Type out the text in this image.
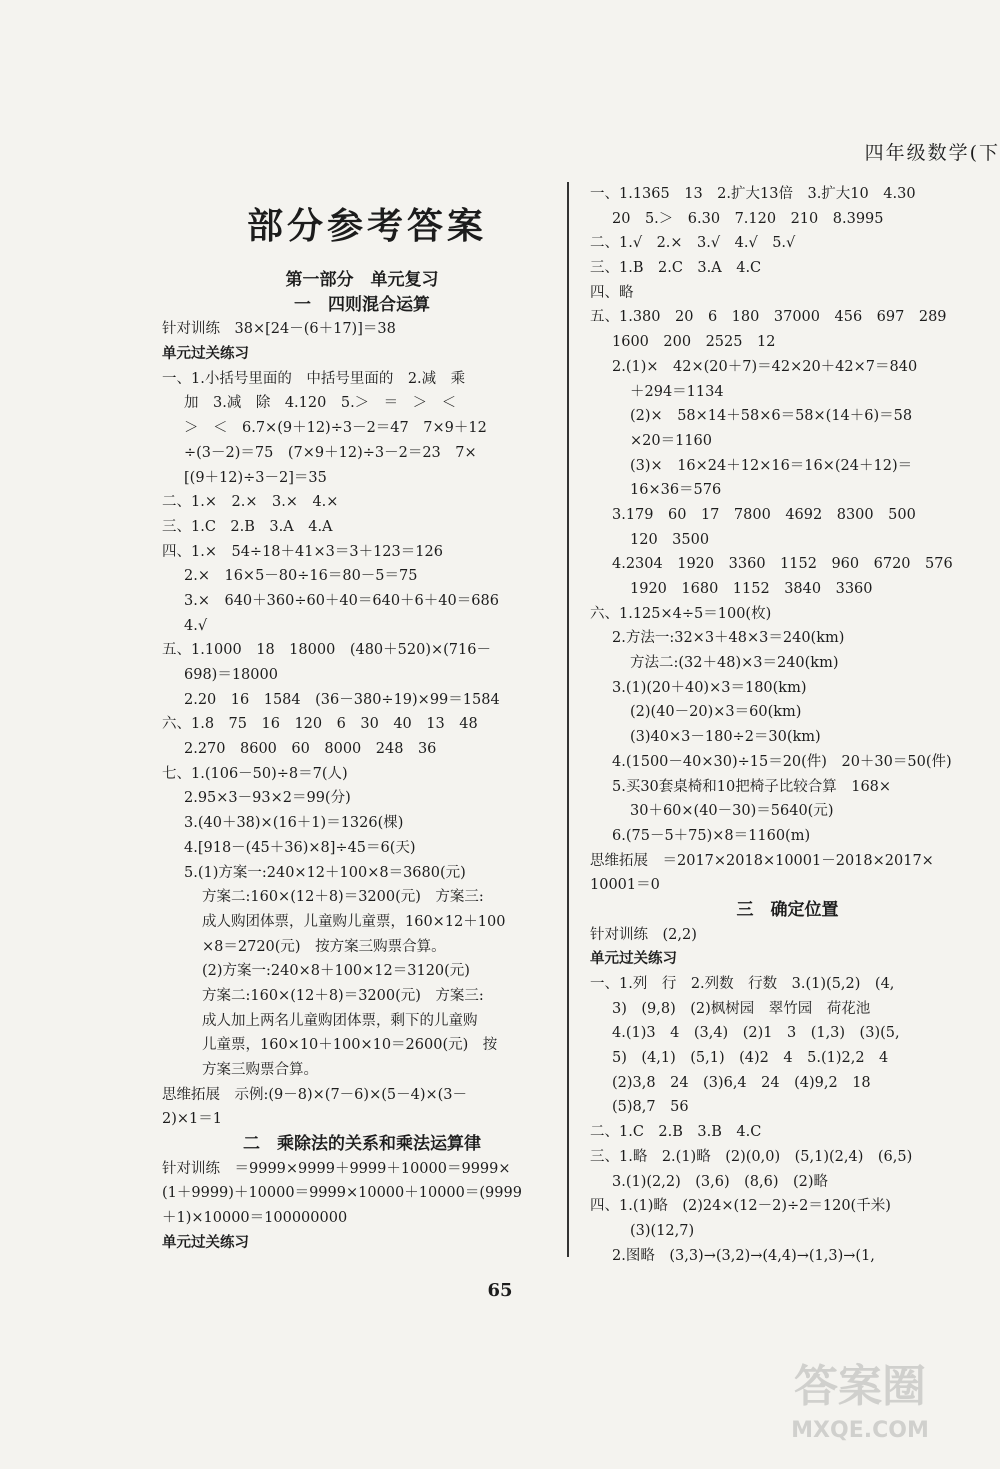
四年级数学(下
部分参考答案
第一部分　单元复习
一　四则混合运算
针对训练　38×[24－(6＋17)]＝38
单元过关练习
一、1.小括号里面的　中括号里面的　2.减　乘
加　3.减　除　4.120　5.＞　＝　＞　＜
＞　＜　6.7×(9＋12)÷3－2＝47　7×9＋12
÷(3－2)＝75　(7×9＋12)÷3－2＝23　7×
[(9＋12)÷3－2]＝35
二、1.×　2.×　3.×　4.×
三、1.C　2.B　3.A　4.A
四、1.×　54÷18＋41×3＝3＋123＝126
2.×　16×5－80÷16＝80－5＝75
3.×　640＋360÷60＋40＝640＋6＋40＝686
4.√
五、1.1000　18　18000　(480＋520)×(716－
698)＝18000
2.20　16　1584　(36－380÷19)×99＝1584
六、1.8　75　16　120　6　30　40　13　48
2.270　8600　60　8000　248　36
七、1.(106－50)÷8＝7(人)
2.95×3－93×2＝99(分)
3.(40＋38)×(16＋1)＝1326(棵)
4.[918－(45＋36)×8]÷45＝6(天)
5.(1)方案一:240×12＋100×8＝3680(元)
方案二:160×(12＋8)＝3200(元)　方案三:
成人购团体票，儿童购儿童票，160×12＋100
×8＝2720(元)　按方案三购票合算。
(2)方案一:240×8＋100×12＝3120(元)
方案二:160×(12＋8)＝3200(元)　方案三:
成人加上两名儿童购团体票，剩下的儿童购
儿童票，160×10＋100×10＝2600(元)　按
方案三购票合算。
思维拓展　示例:(9－8)×(7－6)×(5－4)×(3－
2)×1＝1
二　乘除法的关系和乘法运算律
针对训练　＝9999×9999＋9999＋10000＝9999×
(1＋9999)＋10000＝9999×10000＋10000＝(9999
＋1)×10000＝100000000
单元过关练习
一、1.1365　13　2.扩大13倍　3.扩大10　4.30
20　5.＞　6.30　7.120　210　8.3995
二、1.√　2.×　3.√　4.√　5.√
三、1.B　2.C　3.A　4.C
四、略
五、1.380　20　6　180　37000　456　697　289
1600　200　2525　12
2.(1)×　42×(20＋7)＝42×20＋42×7＝840
＋294＝1134
(2)×　58×14＋58×6＝58×(14＋6)＝58
×20＝1160
(3)×　16×24＋12×16＝16×(24＋12)＝
16×36＝576
3.179　60　17　7800　4692　8300　500
120　3500
4.2304　1920　3360　1152　960　6720　576
1920　1680　1152　3840　3360
六、1.125×4÷5＝100(枚)
2.方法一:32×3＋48×3＝240(km)
方法二:(32＋48)×3＝240(km)
3.(1)(20＋40)×3＝180(km)
(2)(40－20)×3＝60(km)
(3)40×3－180÷2＝30(km)
4.(1500－40×30)÷15＝20(件)　20＋30＝50(件)
5.买30套桌椅和10把椅子比较合算　168×
30＋60×(40－30)＝5640(元)
6.(75－5＋75)×8＝1160(m)
思维拓展　＝2017×2018×10001－2018×2017×
10001＝0
三　确定位置
针对训练　(2,2)
单元过关练习
一、1.列　行　2.列数　行数　3.(1)(5,2)　(4,
3)　(9,8)　(2)枫树园　翠竹园　荷花池
4.(1)3　4　(3,4)　(2)1　3　(1,3)　(3)(5,
5)　(4,1)　(5,1)　(4)2　4　5.(1)2,2　4
(2)3,8　24　(3)6,4　24　(4)9,2　18
(5)8,7　56
二、1.C　2.B　3.B　4.C
三、1.略　2.(1)略　(2)(0,0)　(5,1)(2,4)　(6,5)
3.(1)(2,2)　(3,6)　(8,6)　(2)略
四、1.(1)略　(2)24×(12－2)÷2＝120(千米)
(3)(12,7)
2.图略　(3,3)→(3,2)→(4,4)→(1,3)→(1,
65
答案圈
MXQE.COM
